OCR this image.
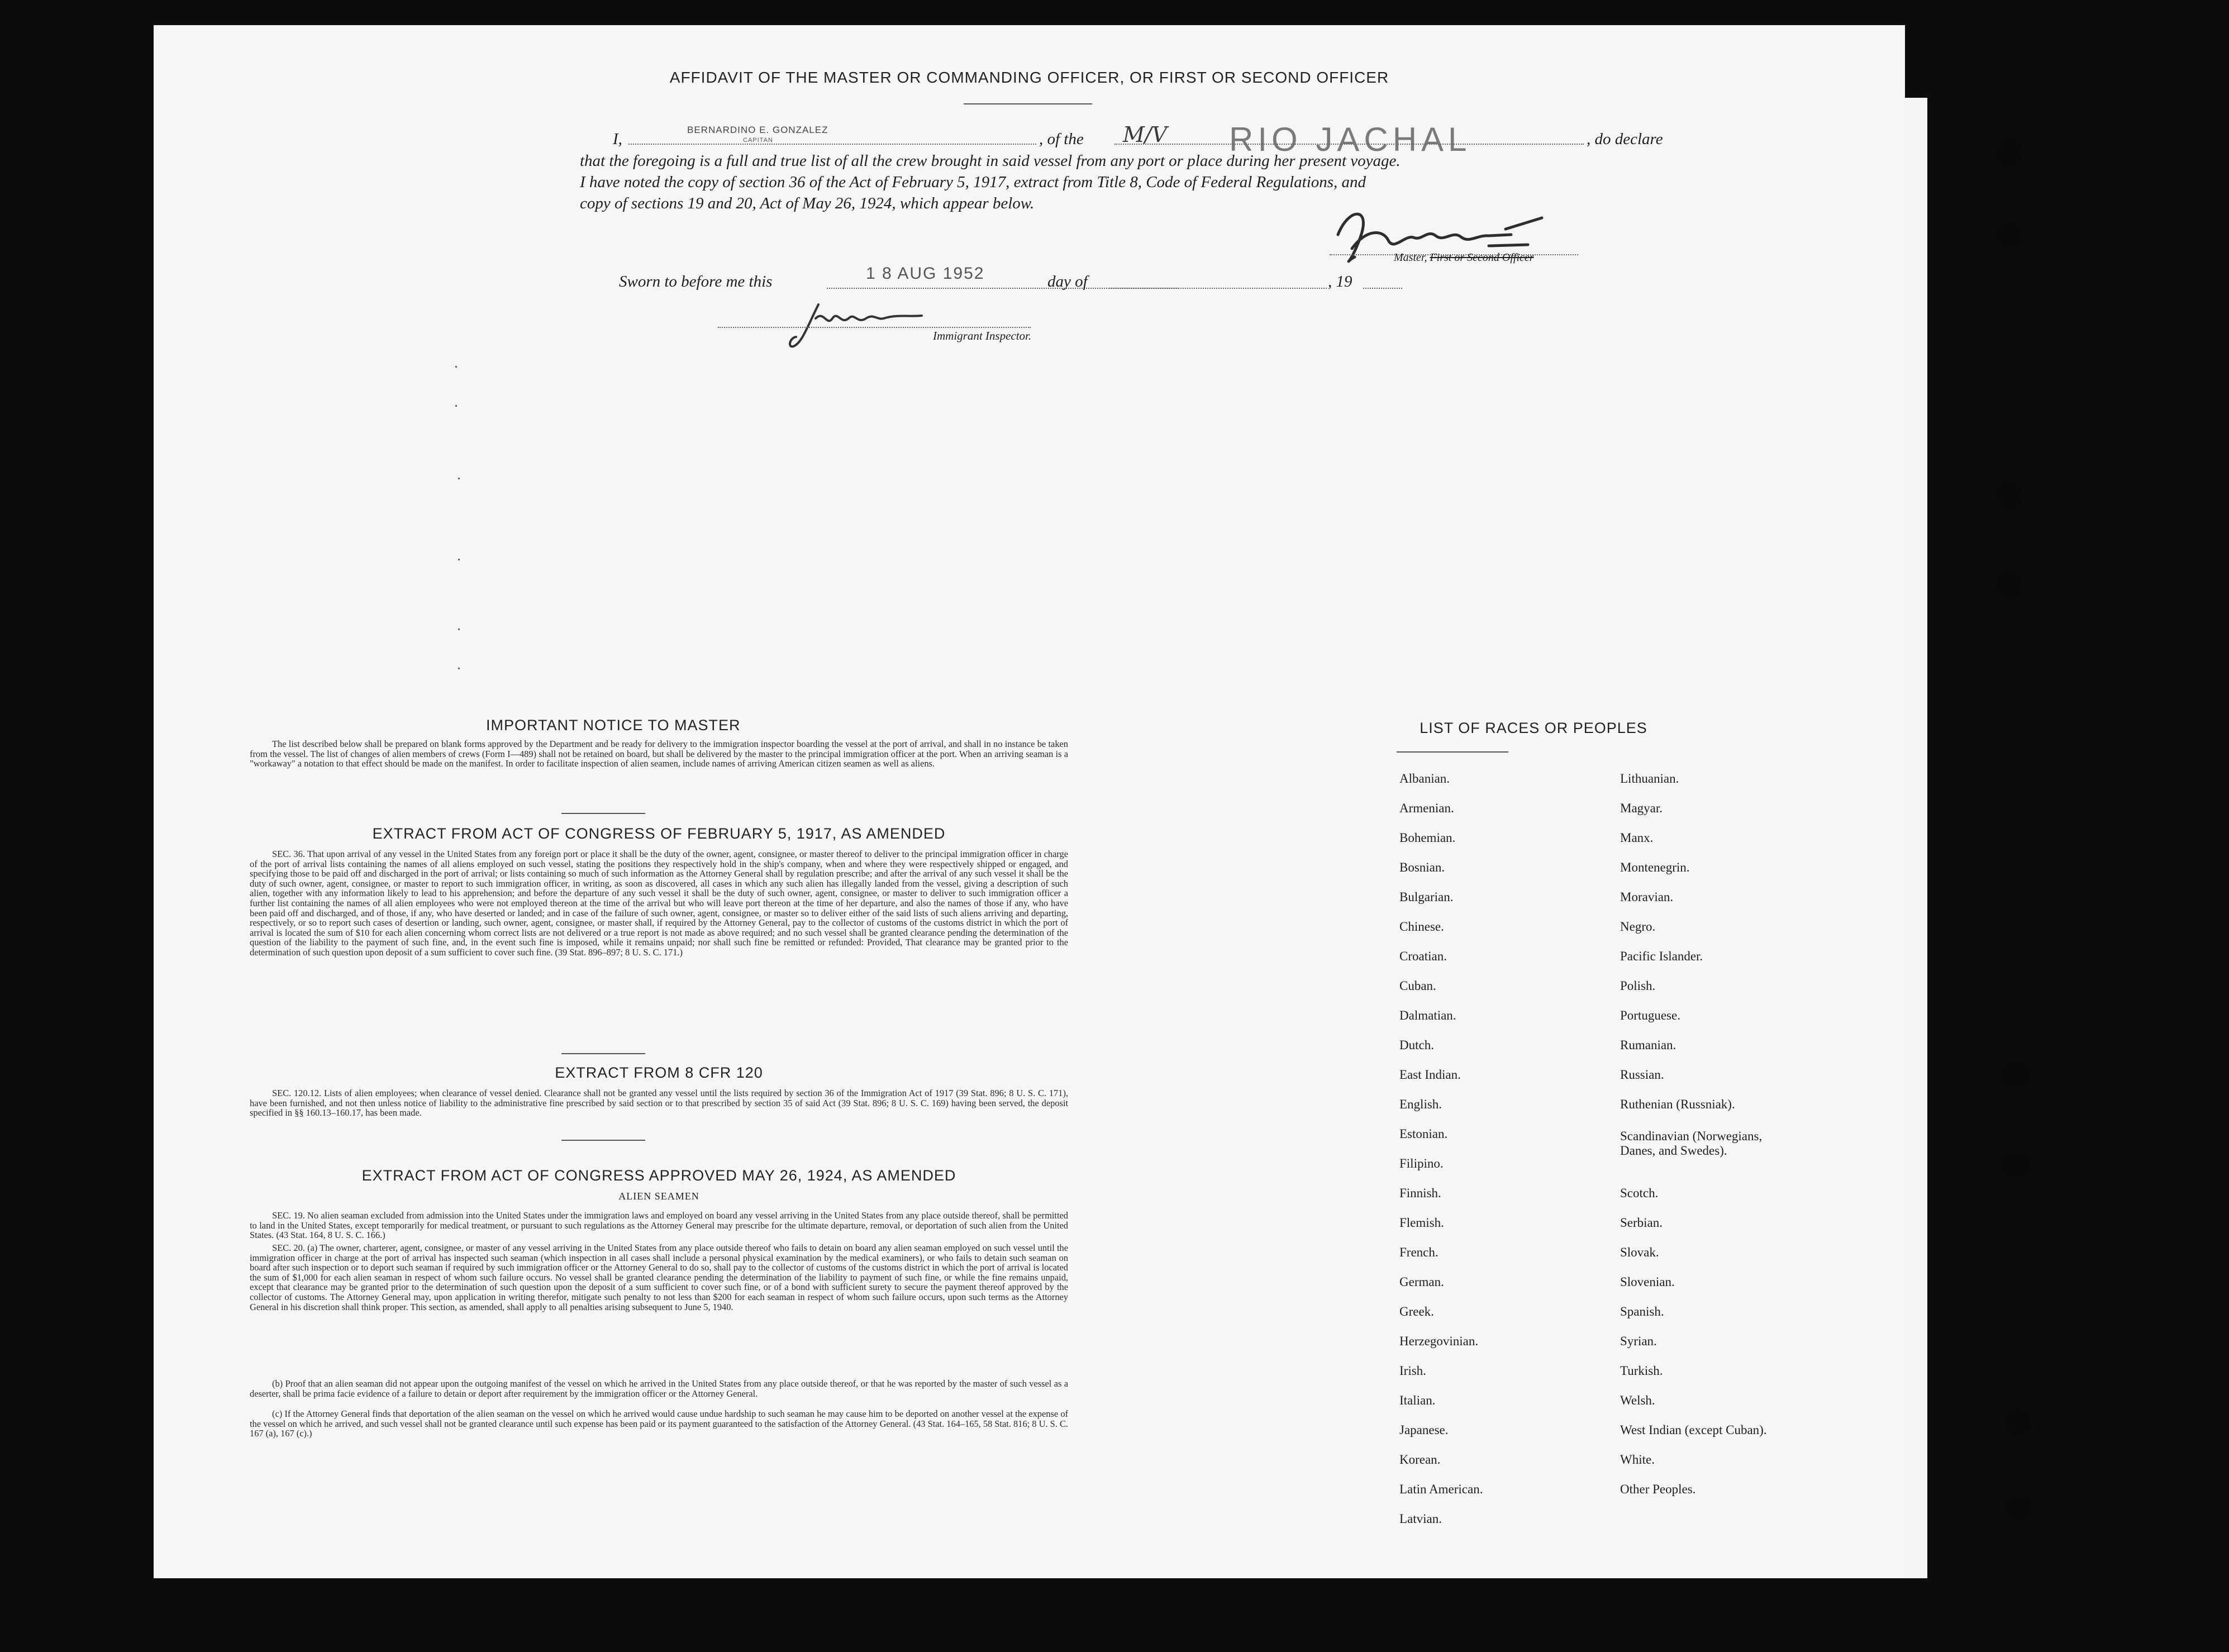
AFFIDAVIT OF THE MASTER OR COMMANDING OFFICER, OR FIRST OR SECOND OFFICER
BERNARDINO E. GONZALEZ
CAPITAN
I,	, of the M/V RIO JACHAL	, do declare
that the foregoing is a full and true list of all the crew brought in said vessel from any port or place during her present voyage.
I have noted the copy of section 36 of the Act of February 5, 1917, extract from Title 8, Code of Federal Regulations, and
copy of sections 19 and 20, Act of May 26, 1924, which appear below.
Master, First or Second Officer
Sworn to before me this	1 8 AUG 1952	day of	, 19
Immigrant Inspector.
IMPORTANT NOTICE TO MASTER
The list described below shall be prepared on blank forms approved by the Department and be ready for delivery to the immigration inspector boarding the vessel at the port of arrival, and shall in no instance be taken from the vessel. The list of changes of alien members of crews (Form I—489) shall not be retained on board, but shall be delivered by the master to the principal immigration officer at the port. When an arriving seaman is a "workaway" a notation to that effect should be made on the manifest. In order to facilitate inspection of alien seamen, include names of arriving American citizen seamen as well as aliens.
EXTRACT FROM ACT OF CONGRESS OF FEBRUARY 5, 1917, AS AMENDED
SEC. 36. That upon arrival of any vessel in the United States from any foreign port or place it shall be the duty of the owner, agent, consignee, or master thereof to deliver to the principal immigration officer in charge of the port of arrival lists containing the names of all aliens employed on such vessel, stating the positions they respectively hold in the ship's company, when and where they were respectively shipped or engaged, and specifying those to be paid off and discharged in the port of arrival; or lists containing so much of such information as the Attorney General shall by regulation prescribe; and after the arrival of any such vessel it shall be the duty of such owner, agent, consignee, or master to report to such immigration officer, in writing, as soon as discovered, all cases in which any such alien has illegally landed from the vessel, giving a description of such alien, together with any information likely to lead to his apprehension; and before the departure of any such vessel it shall be the duty of such owner, agent, consignee, or master to deliver to such immigration officer a further list containing the names of all alien employees who were not employed thereon at the time of the arrival but who will leave port thereon at the time of her departure, and also the names of those if any, who have been paid off and discharged, and of those, if any, who have deserted or landed; and in case of the failure of such owner, agent, consignee, or master so to deliver either of the said lists of such aliens arriving and departing, respectively, or so to report such cases of desertion or landing, such owner, agent, consignee, or master shall, if required by the Attorney General, pay to the collector of customs of the customs district in which the port of arrival is located the sum of $10 for each alien concerning whom correct lists are not delivered or a true report is not made as above required; and no such vessel shall be granted clearance pending the determination of the question of the liability to the payment of such fine, and, in the event such fine is imposed, while it remains unpaid; nor shall such fine be remitted or refunded: Provided, That clearance may be granted prior to the determination of such question upon deposit of a sum sufficient to cover such fine. (39 Stat. 896–897; 8 U. S. C. 171.)
EXTRACT FROM 8 CFR 120
SEC. 120.12. Lists of alien employees; when clearance of vessel denied. Clearance shall not be granted any vessel until the lists required by section 36 of the Immigration Act of 1917 (39 Stat. 896; 8 U. S. C. 171), have been furnished, and not then unless notice of liability to the administrative fine prescribed by said section or to that prescribed by section 35 of said Act (39 Stat. 896; 8 U. S. C. 169) having been served, the deposit specified in §§ 160.13–160.17, has been made.
EXTRACT FROM ACT OF CONGRESS APPROVED MAY 26, 1924, AS AMENDED
ALIEN SEAMEN
SEC. 19. No alien seaman excluded from admission into the United States under the immigration laws and employed on board any vessel arriving in the United States from any place outside thereof, shall be permitted to land in the United States, except temporarily for medical treatment, or pursuant to such regulations as the Attorney General may prescribe for the ultimate departure, removal, or deportation of such alien from the United States. (43 Stat. 164, 8 U. S. C. 166.)
SEC. 20. (a) The owner, charterer, agent, consignee, or master of any vessel arriving in the United States from any place outside thereof who fails to detain on board any alien seaman employed on such vessel until the immigration officer in charge at the port of arrival has inspected such seaman (which inspection in all cases shall include a personal physical examination by the medical examiners), or who fails to detain such seaman on board after such inspection or to deport such seaman if required by such immigration officer or the Attorney General to do so, shall pay to the collector of customs of the customs district in which the port of arrival is located the sum of $1,000 for each alien seaman in respect of whom such failure occurs. No vessel shall be granted clearance pending the determination of the liability to payment of such fine, or while the fine remains unpaid, except that clearance may be granted prior to the determination of such question upon the deposit of a sum sufficient to cover such fine, or of a bond with sufficient surety to secure the payment thereof approved by the collector of customs. The Attorney General may, upon application in writing therefor, mitigate such penalty to not less than $200 for each seaman in respect of whom such failure occurs, upon such terms as the Attorney General in his discretion shall think proper. This section, as amended, shall apply to all penalties arising subsequent to June 5, 1940.
(b) Proof that an alien seaman did not appear upon the outgoing manifest of the vessel on which he arrived in the United States from any place outside thereof, or that he was reported by the master of such vessel as a deserter, shall be prima facie evidence of a failure to detain or deport after requirement by the immigration officer or the Attorney General.
(c) If the Attorney General finds that deportation of the alien seaman on the vessel on which he arrived would cause undue hardship to such seaman he may cause him to be deported on another vessel at the expense of the vessel on which he arrived, and such vessel shall not be granted clearance until such expense has been paid or its payment guaranteed to the satisfaction of the Attorney General. (43 Stat. 164–165, 58 Stat. 816; 8 U. S. C. 167 (a), 167 (c).)
LIST OF RACES OR PEOPLES
Albanian.
Armenian.
Bohemian.
Bosnian.
Bulgarian.
Chinese.
Croatian.
Cuban.
Dalmatian.
Dutch.
East Indian.
English.
Estonian.
Filipino.
Finnish.
Flemish.
French.
German.
Greek.
Herzegovinian.
Irish.
Italian.
Japanese.
Korean.
Latin American.
Latvian.
Lithuanian.
Magyar.
Manx.
Montenegrin.
Moravian.
Negro.
Pacific Islander.
Polish.
Portuguese.
Rumanian.
Russian.
Ruthenian (Russniak).
Scandinavian (Norwegians, Danes, and Swedes).
Scotch.
Serbian.
Slovak.
Slovenian.
Spanish.
Syrian.
Turkish.
Welsh.
West Indian (except Cuban).
White.
Other Peoples.
